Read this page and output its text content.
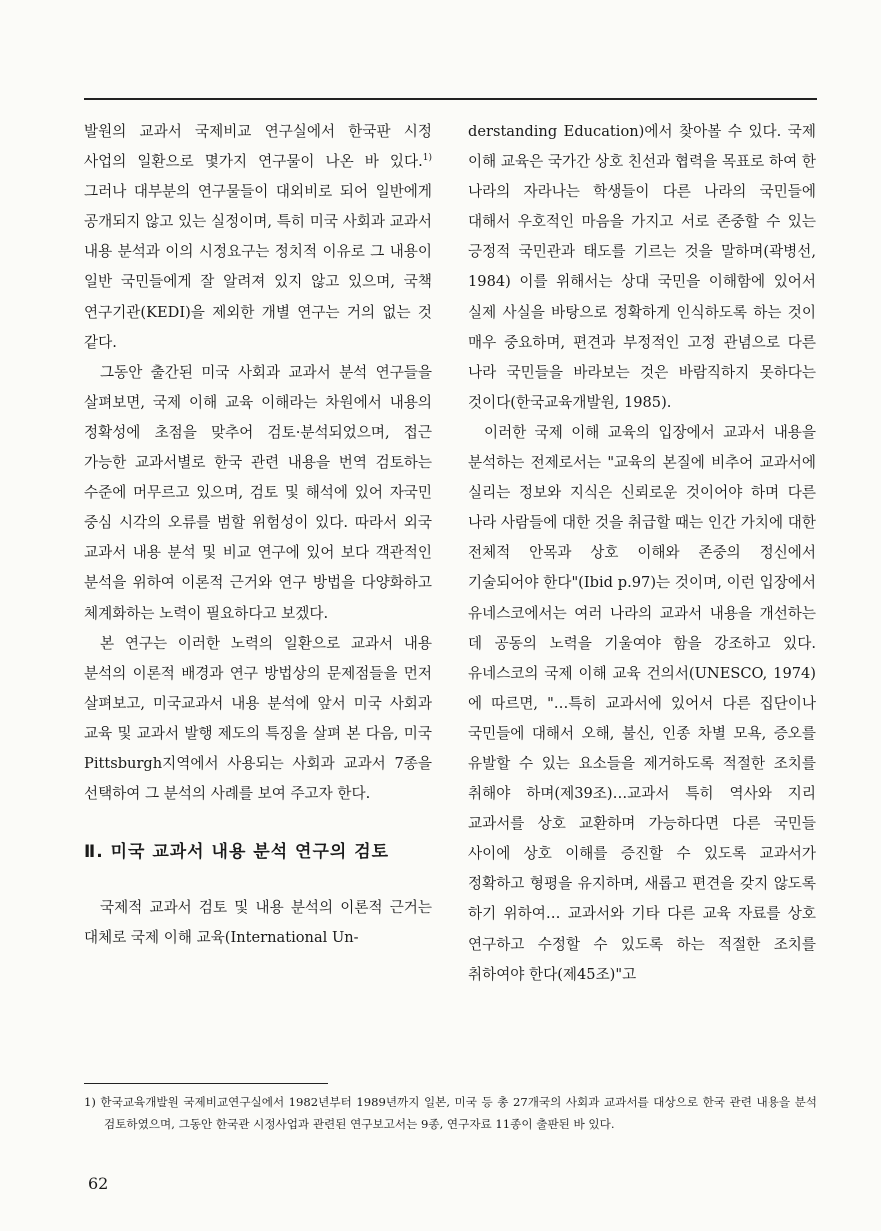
발원의 교과서 국제비교 연구실에서 한국판 시정 사업의 일환으로 몇가지 연구물이 나온 바 있다.$^{1)}$ 그러나 대부분의 연구물들이 대외비로 되어 일반에게 공개되지 않고 있는 실정이며, 특히 미국 사회과 교과서 내용 분석과 이의 시정요구는 정치적 이유로 그 내용이 일반 국민들에게 잘 알려져 있지 않고 있으며, 국책 연구기관(KEDI)을 제외한 개별 연구는 거의 없는 것 같다.

그동안 출간된 미국 사회과 교과서 분석 연구들을 살펴보면, 국제 이해 교육 이해라는 차원에서 내용의 정확성에 초점을 맞추어 검토·분석되었으며, 접근 가능한 교과서별로 한국 관련 내용을 번역 검토하는 수준에 머무르고 있으며, 검토 및 해석에 있어 자국민 중심 시각의 오류를 범할 위험성이 있다. 따라서 외국 교과서 내용 분석 및 비교 연구에 있어 보다 객관적인 분석을 위하여 이론적 근거와 연구 방법을 다양화하고 체계화하는 노력이 필요하다고 보겠다.

본 연구는 이러한 노력의 일환으로 교과서 내용 분석의 이론적 배경과 연구 방법상의 문제점들을 먼저 살펴보고, 미국교과서 내용 분석에 앞서 미국 사회과 교육 및 교과서 발행 제도의 특징을 살펴 본 다음, 미국 Pittsburgh지역에서 사용되는 사회과 교과서 7종을 선택하여 그 분석의 사례를 보여 주고자 한다.

Ⅱ. 미국 교과서 내용 분석 연구의 검토

국제적 교과서 검토 및 내용 분석의 이론적 근거는 대체로 국제 이해 교육(International Un-

derstanding Education)에서 찾아볼 수 있다. 국제 이해 교육은 국가간 상호 친선과 협력을 목표로 하여 한 나라의 자라나는 학생들이 다른 나라의 국민들에 대해서 우호적인 마음을 가지고 서로 존중할 수 있는 긍정적 국민관과 태도를 기르는 것을 말하며(곽병선, 1984) 이를 위해서는 상대 국민을 이해함에 있어서 실제 사실을 바탕으로 정확하게 인식하도록 하는 것이 매우 중요하며, 편견과 부정적인 고정 관념으로 다른 나라 국민들을 바라보는 것은 바람직하지 못하다는 것이다(한국교육개발원, 1985).

이러한 국제 이해 교육의 입장에서 교과서 내용을 분석하는 전제로서는 "교육의 본질에 비추어 교과서에 실리는 정보와 지식은 신뢰로운 것이어야 하며 다른 나라 사람들에 대한 것을 취급할 때는 인간 가치에 대한 전체적 안목과 상호 이해와 존중의 정신에서 기술되어야 한다"(Ibid p.97)는 것이며, 이런 입장에서 유네스코에서는 여러 나라의 교과서 내용을 개선하는 데 공동의 노력을 기울여야 함을 강조하고 있다. 유네스코의 국제 이해 교육 건의서(UNESCO, 1974)에 따르면, "…특히 교과서에 있어서 다른 집단이나 국민들에 대해서 오해, 불신, 인종 차별 모욕, 증오를 유발할 수 있는 요소들을 제거하도록 적절한 조치를 취해야 하며(제39조)…교과서 특히 역사와 지리 교과서를 상호 교환하며 가능하다면 다른 국민들 사이에 상호 이해를 증진할 수 있도록 교과서가 정확하고 형평을 유지하며, 새롭고 편견을 갖지 않도록 하기 위하여… 교과서와 기타 다른 교육 자료를 상호 연구하고 수정할 수 있도록 하는 적절한 조치를 취하여야 한다(제45조)"고

1) 한국교육개발원 국제비교연구실에서 1982년부터 1989년까지 일본, 미국 등 총 27개국의 사회과 교과서를 대상으로 한국 관련 내용을 분석 검토하였으며, 그동안 한국관 시정사업과 관련된 연구보고서는 9종, 연구자료 11종이 출판된 바 있다.
62
